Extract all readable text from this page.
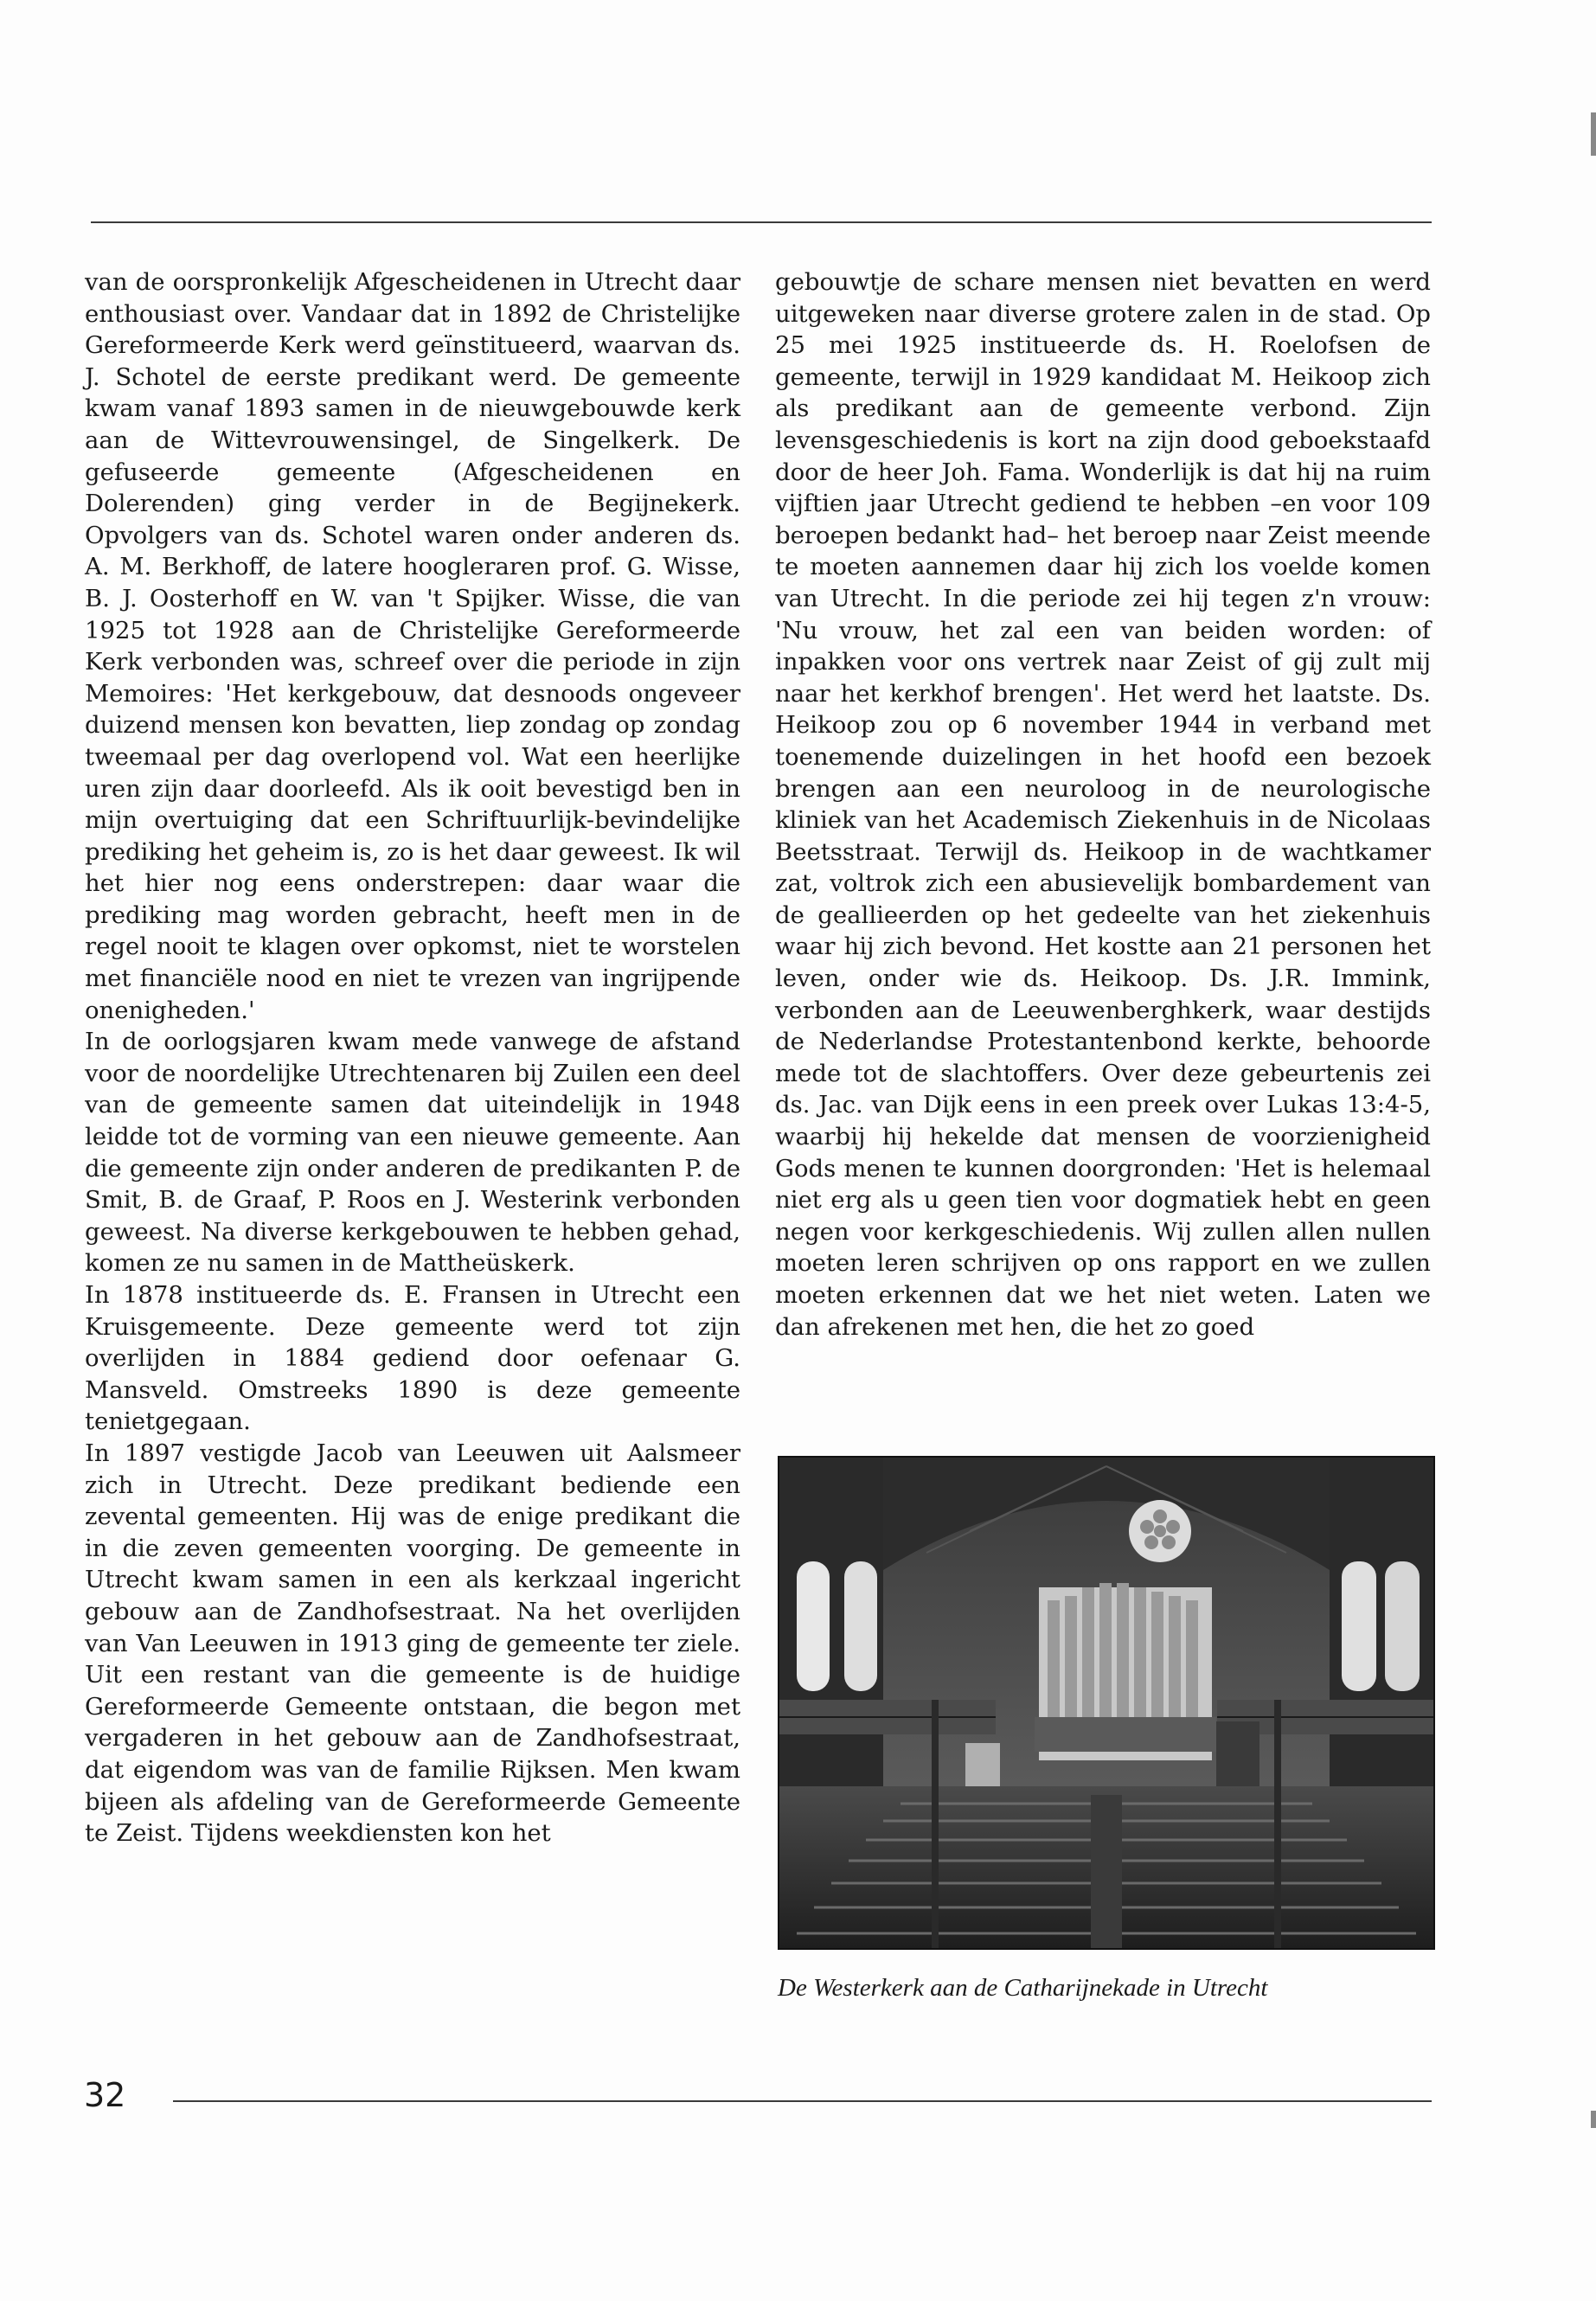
van de oorspronkelijk Afgescheidenen in Utrecht daar enthousiast over. Vandaar dat in 1892 de Christelijke Gereformeerde Kerk werd geïnstitueerd, waarvan ds. J. Schotel de eerste predikant werd. De gemeente kwam vanaf 1893 samen in de nieuwgebouwde kerk aan de Wittevrouwensingel, de Singelkerk. De gefuseerde gemeente (Afgescheidenen en Dolerenden) ging verder in de Begijnekerk. Opvolgers van ds. Schotel waren onder anderen ds. A. M. Berkhoff, de latere hoogleraren prof. G. Wisse, B. J. Oosterhoff en W. van 't Spijker. Wisse, die van 1925 tot 1928 aan de Christelijke Gereformeerde Kerk verbonden was, schreef over die periode in zijn Memoires: 'Het kerkgebouw, dat desnoods ongeveer duizend mensen kon bevatten, liep zondag op zondag tweemaal per dag overlopend vol. Wat een heerlijke uren zijn daar doorleefd. Als ik ooit bevestigd ben in mijn overtuiging dat een Schriftuurlijk-bevindelijke prediking het geheim is, zo is het daar geweest. Ik wil het hier nog eens onderstrepen: daar waar die prediking mag worden gebracht, heeft men in de regel nooit te klagen over opkomst, niet te worstelen met financiële nood en niet te vrezen van ingrijpende onenigheden.'

In de oorlogsjaren kwam mede vanwege de afstand voor de noordelijke Utrechtenaren bij Zuilen een deel van de gemeente samen dat uiteindelijk in 1948 leidde tot de vorming van een nieuwe gemeente. Aan die gemeente zijn onder anderen de predikanten P. de Smit, B. de Graaf, P. Roos en J. Westerink verbonden geweest. Na diverse kerkgebouwen te hebben gehad, komen ze nu samen in de Mattheüskerk.

In 1878 institueerde ds. E. Fransen in Utrecht een Kruisgemeente. Deze gemeente werd tot zijn overlijden in 1884 gediend door oefenaar G. Mansveld. Omstreeks 1890 is deze gemeente tenietgegaan.

In 1897 vestigde Jacob van Leeuwen uit Aalsmeer zich in Utrecht. Deze predikant bediende een zevental gemeenten. Hij was de enige predikant die in die zeven gemeenten voorging. De gemeente in Utrecht kwam samen in een als kerkzaal ingericht gebouw aan de Zandhofsestraat. Na het overlijden van Van Leeuwen in 1913 ging de gemeente ter ziele. Uit een restant van die gemeente is de huidige Gereformeerde Gemeente ontstaan, die begon met vergaderen in het gebouw aan de Zandhofsestraat, dat eigendom was van de familie Rijksen. Men kwam bijeen als afdeling van de Gereformeerde Gemeente te Zeist. Tijdens weekdiensten kon het

gebouwtje de schare mensen niet bevatten en werd uitgeweken naar diverse grotere zalen in de stad. Op 25 mei 1925 institueerde ds. H. Roelofsen de gemeente, terwijl in 1929 kandidaat M. Heikoop zich als predikant aan de gemeente verbond. Zijn levensgeschiedenis is kort na zijn dood geboekstaafd door de heer Joh. Fama. Wonderlijk is dat hij na ruim vijftien jaar Utrecht gediend te hebben –en voor 109 beroepen bedankt had– het beroep naar Zeist meende te moeten aannemen daar hij zich los voelde komen van Utrecht. In die periode zei hij tegen z'n vrouw: 'Nu vrouw, het zal een van beiden worden: of inpakken voor ons vertrek naar Zeist of gij zult mij naar het kerkhof brengen'. Het werd het laatste. Ds. Heikoop zou op 6 november 1944 in verband met toenemende duizelingen in het hoofd een bezoek brengen aan een neuroloog in de neurologische kliniek van het Academisch Ziekenhuis in de Nicolaas Beetsstraat. Terwijl ds. Heikoop in de wachtkamer zat, voltrok zich een abusievelijk bombardement van de geallieerden op het gedeelte van het ziekenhuis waar hij zich bevond. Het kostte aan 21 personen het leven, onder wie ds. Heikoop. Ds. J.R. Immink, verbonden aan de Leeuwenberghkerk, waar destijds de Nederlandse Protestantenbond kerkte, behoorde mede tot de slachtoffers. Over deze gebeurtenis zei ds. Jac. van Dijk eens in een preek over Lukas 13:4-5, waarbij hij hekelde dat mensen de voorzienigheid Gods menen te kunnen doorgronden: 'Het is helemaal niet erg als u geen tien voor dogmatiek hebt en geen negen voor kerkgeschiedenis. Wij zullen allen nullen moeten leren schrijven op ons rapport en we zullen moeten erkennen dat we het niet weten. Laten we dan afrekenen met hen, die het zo goed

De Westerkerk aan de Catharijnekade in Utrecht
32
